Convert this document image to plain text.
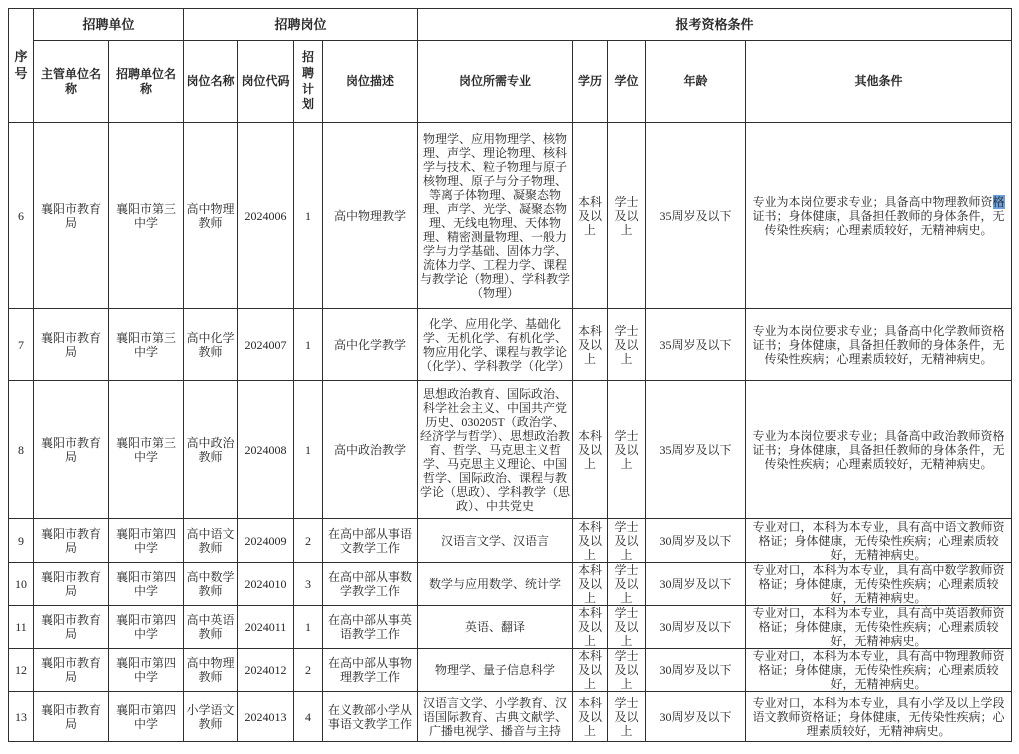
序号	招聘单位		招聘岗位				报考资格条件				
	主管单位名称	招聘单位名称	岗位名称	岗位代码	招聘计划	岗位描述	岗位所需专业	学历	学位	年龄	其他条件
6	襄阳市教育局	襄阳市第三中学	高中物理教师	2024006	1	高中物理教学	物理学、应用物理学、核物理、声学、理论物理、核科学与技术、粒子物理与原子核物理、原子与分子物理、等离子体物理、凝聚态物理、声学、光学、凝聚态物理、无线电物理、天体物理、精密测量物理、一般力学与力学基础、固体力学、流体力学、工程力学、课程与教学论（物理）、学科教学（物理）	本科及以上	学士及以上	35周岁及以下	专业为本岗位要求专业；具备高中物理教师资格证书；身体健康，具备担任教师的身体条件，无传染性疾病；心理素质较好，无精神病史。
7	襄阳市教育局	襄阳市第三中学	高中化学教师	2024007	1	高中化学教学	化学、应用化学、基础化学、无机化学、有机化学、物应用化学、课程与教学论（化学）、学科教学（化学）	本科及以上	学士及以上	35周岁及以下	专业为本岗位要求专业；具备高中化学教师资格证书；身体健康，具备担任教师的身体条件，无传染性疾病；心理素质较好，无精神病史。
8	襄阳市教育局	襄阳市第三中学	高中政治教师	2024008	1	高中政治教学	思想政治教育、国际政治、科学社会主义、中国共产党历史、030205T（政治学、经济学与哲学）、思想政治教育、哲学、马克思主义哲学、马克思主义理论、中国哲学、国际政治、课程与教学论（思政）、学科教学（思政）、中共党史	本科及以上	学士及以上	35周岁及以下	专业为本岗位要求专业；具备高中政治教师资格证书；身体健康，具备担任教师的身体条件，无传染性疾病；心理素质较好，无精神病史。
9	襄阳市教育局	襄阳市第四中学	高中语文教师	2024009	2	在高中部从事语文教学工作	汉语言文学、汉语言	本科及以上	学士及以上	30周岁及以下	专业对口，本科为本专业，具有高中语文教师资格证；身体健康，无传染性疾病；心理素质较好，无精神病史。
10	襄阳市教育局	襄阳市第四中学	高中数学教师	2024010	3	在高中部从事数学教学工作	数学与应用数学、统计学	本科及以上	学士及以上	30周岁及以下	专业对口，本科为本专业，具有高中数学教师资格证；身体健康，无传染性疾病；心理素质较好，无精神病史。
11	襄阳市教育局	襄阳市第四中学	高中英语教师	2024011	1	在高中部从事英语教学工作	英语、翻译	本科及以上	学士及以上	30周岁及以下	专业对口，本科为本专业，具有高中英语教师资格证；身体健康，无传染性疾病；心理素质较好，无精神病史。
12	襄阳市教育局	襄阳市第四中学	高中物理教师	2024012	2	在高中部从事物理教学工作	物理学、量子信息科学	本科及以上	学士及以上	30周岁及以下	专业对口，本科为本专业，具有高中物理教师资格证；身体健康，无传染性疾病；心理素质较好，无精神病史。
13	襄阳市教育局	襄阳市第四中学	小学语文教师	2024013	4	在义教部小学从事语文教学工作	汉语言文学、小学教育、汉语国际教育、古典文献学、广播电视学、播音与主持	本科及以上	学士及以上	30周岁及以下	专业对口，本科为本专业，具有小学及以上学段语文教师资格证；身体健康，无传染性疾病；心理素质较好，无精神病史。
